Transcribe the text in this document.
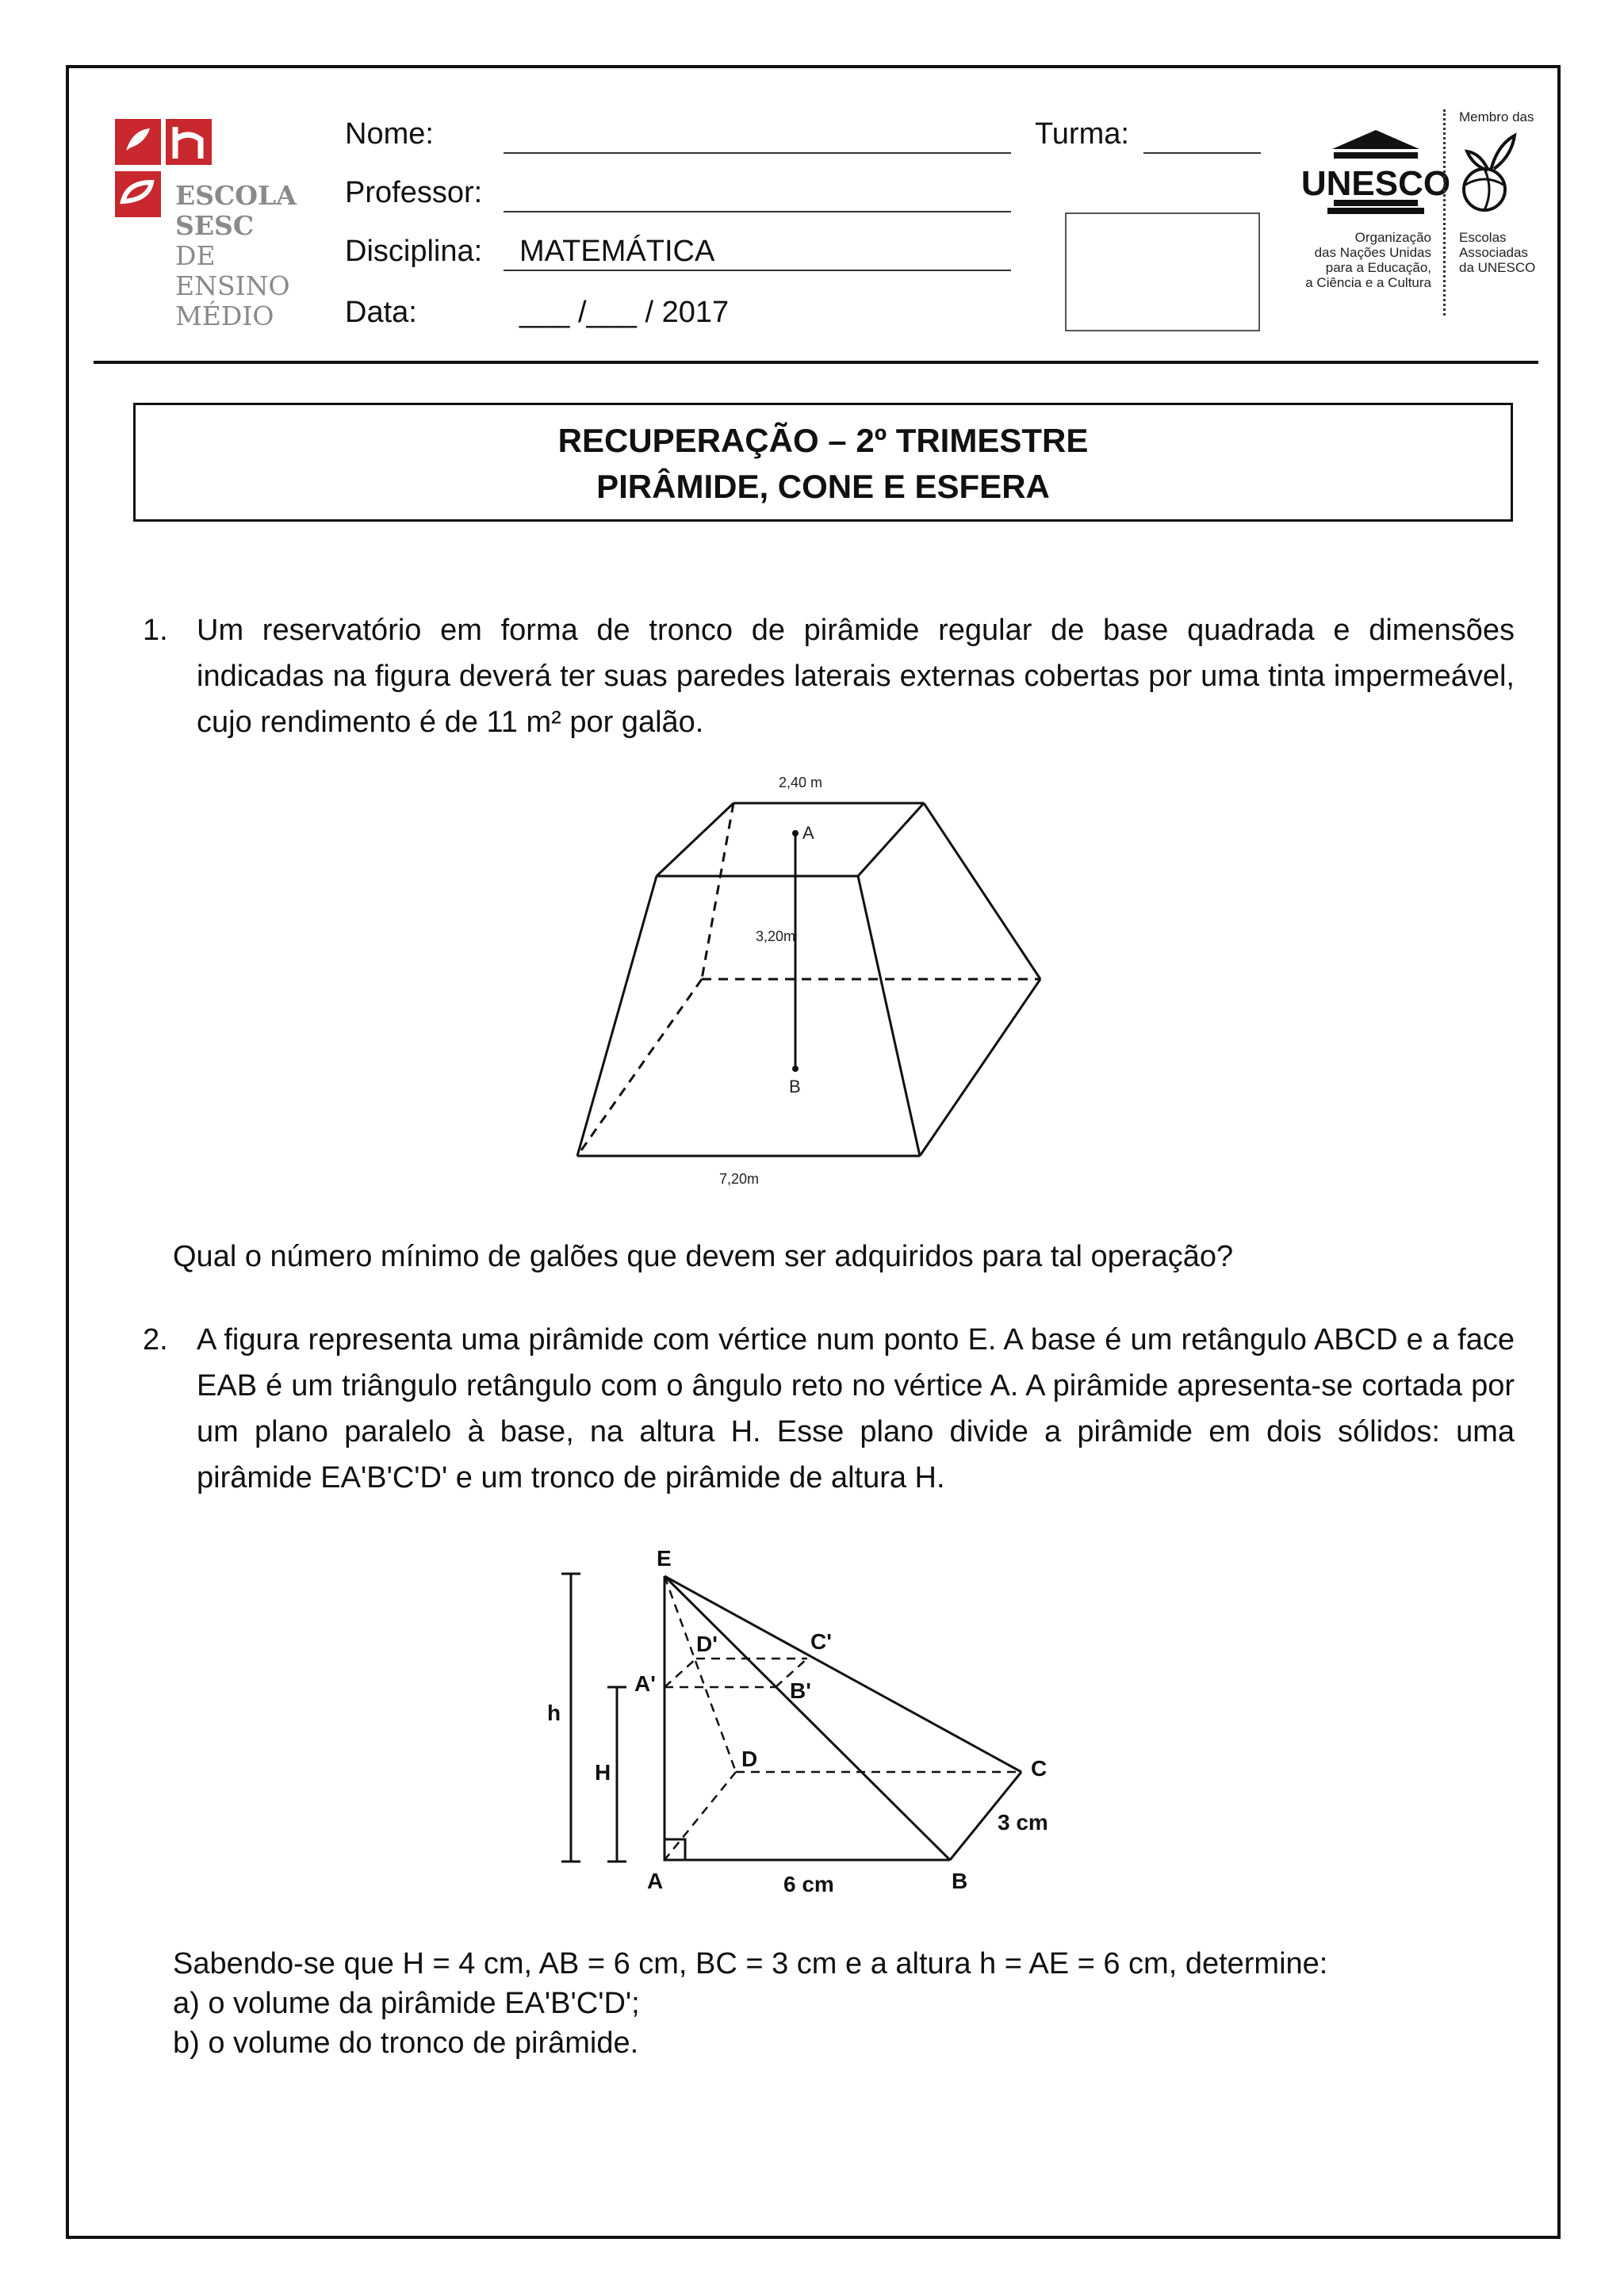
ESCOLA
SESC
DE ENSINO
MÉDIO
Nome:	Turma:
Professor:
Disciplina: MATEMÁTICA
Data:	___ /___ / 2017
UNESCO
Organização
das Nações Unidas
para a Educação,
a Ciência e a Cultura
Membro das
Escolas
Associadas
da UNESCO
RECUPERAÇÃO – 2º TRIMESTRE
PIRÂMIDE, CONE E ESFERA
1. Um reservatório em forma de tronco de pirâmide regular de base quadrada e dimensões indicadas na figura deverá ter suas paredes laterais externas cobertas por uma tinta impermeável, cujo rendimento é de 11 m² por galão.
2,40 m
A
3,20m
B
7,20m
Qual o número mínimo de galões que devem ser adquiridos para tal operação?
2. A figura representa uma pirâmide com vértice num ponto E. A base é um retângulo ABCD e a face EAB é um triângulo retângulo com o ângulo reto no vértice A. A pirâmide apresenta-se cortada por um plano paralelo à base, na altura H. Esse plano divide a pirâmide em dois sólidos: uma pirâmide EA'B'C'D' e um tronco de pirâmide de altura H.
E
h
H
A'
D'	C'
B'
D	C
3 cm
A	6 cm	B
Sabendo-se que H = 4 cm, AB = 6 cm, BC = 3 cm e a altura h = AE = 6 cm, determine:
a) o volume da pirâmide EA'B'C'D';
b) o volume do tronco de pirâmide.
